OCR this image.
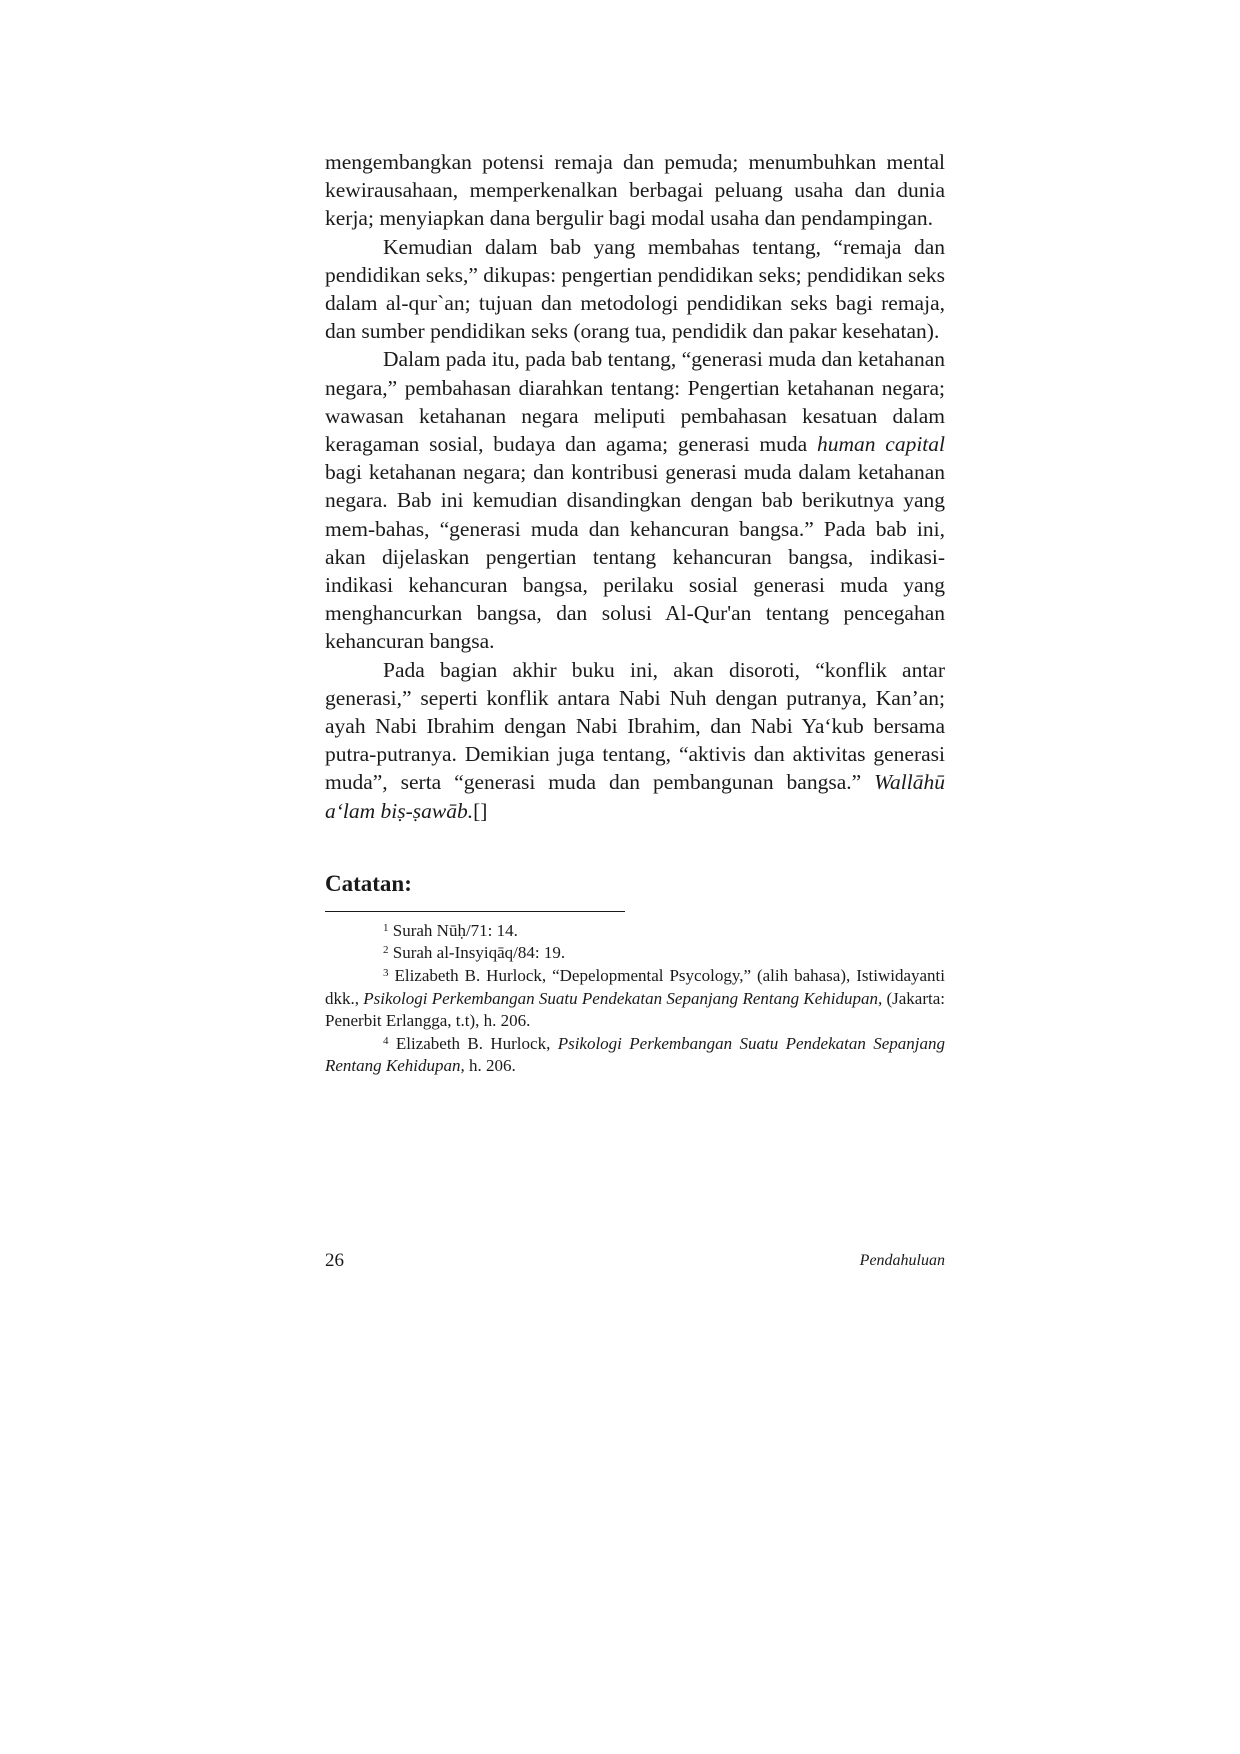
mengembangkan potensi remaja dan pemuda; menumbuhkan mental kewirausahaan, memperkenalkan berbagai peluang usaha dan dunia kerja; menyiapkan dana bergulir bagi modal usaha dan pendampingan.

Kemudian dalam bab yang membahas tentang, “remaja dan pendidikan seks,” dikupas: pengertian pendidikan seks; pendidikan seks dalam al-qur`an; tujuan dan metodologi pendidikan seks bagi remaja, dan sumber pendidikan seks (orang tua, pendidik dan pakar kesehatan).

Dalam pada itu, pada bab tentang, “generasi muda dan ketahanan negara,” pembahasan diarahkan tentang: Pengertian ketahanan negara; wawasan ketahanan negara meliputi pembahasan kesatuan dalam keragaman sosial, budaya dan agama; generasi muda human capital bagi ketahanan negara; dan kontribusi generasi muda dalam ketahanan negara. Bab ini kemudian disandingkan dengan bab berikutnya yang mem-bahas, “generasi muda dan kehancuran bangsa.” Pada bab ini, akan dijelaskan pengertian tentang kehancuran bangsa, indikasi-indikasi kehancuran bangsa, perilaku sosial generasi muda yang menghancurkan bangsa, dan solusi Al-Qur'an tentang pencegahan kehancuran bangsa.

Pada bagian akhir buku ini, akan disoroti, “konflik antar generasi,” seperti konflik antara Nabi Nuh dengan putranya, Kan’an; ayah Nabi Ibrahim dengan Nabi Ibrahim, dan Nabi Ya‘kub bersama putra-putranya. Demikian juga tentang, “aktivis dan aktivitas generasi muda”, serta “generasi muda dan pembangunan bangsa.” Wallāhū a‘lam biṣ-ṣawāb.[]

Catatan:

$^1$ Surah Nūḥ/71: 14.

$^2$ Surah al-Insyiqāq/84: 19.

$^3$ Elizabeth B. Hurlock, “Depelopmental Psycology,” (alih bahasa), Istiwidayanti dkk., Psikologi Perkembangan Suatu Pendekatan Sepanjang Rentang Kehidupan, (Jakarta: Penerbit Erlangga, t.t), h. 206.

$^4$ Elizabeth B. Hurlock, Psikologi Perkembangan Suatu Pendekatan Sepanjang Rentang Kehidupan, h. 206.

26	Pendahuluan
